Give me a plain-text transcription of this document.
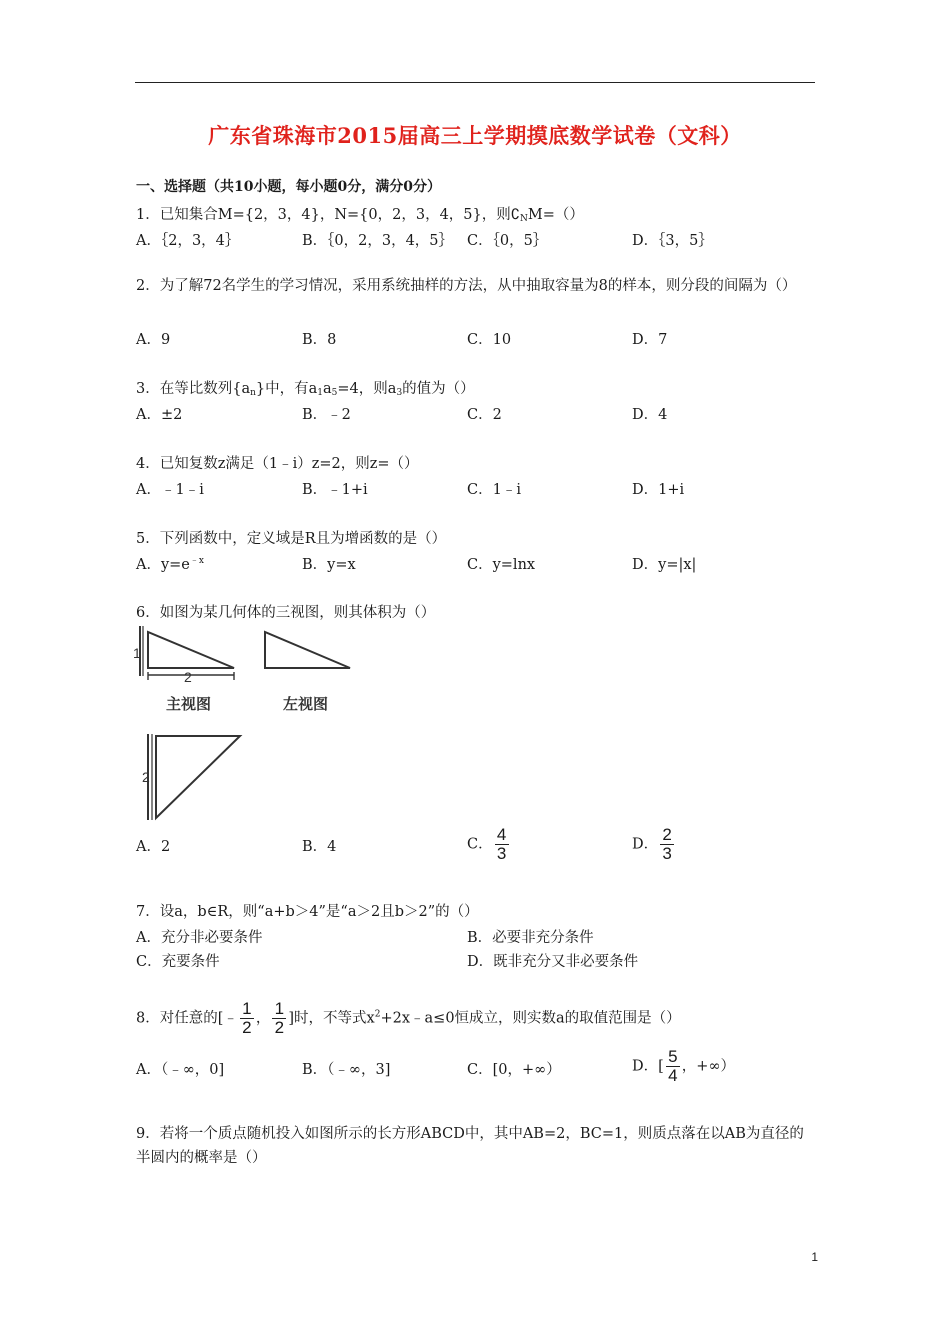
广东省珠海市2015届高三上学期摸底数学试卷（文科）
一、选择题（共10小题，每小题0分，满分0分）
1．已知集合M={2，3，4}，N={0，2，3，4，5}，则$∁_NM=()$
A．｛2，3，4｝	B．｛0，2，3，4，5｝ C．｛0，5｝	D．｛3，5｝
2．为了解72名学生的学习情况，采用系统抽样的方法，从中抽取容量为8的样本，则分段的间隔为（）
A．9	B．8	C．10	D．7
3．在等比数列$\{a_n\}$中，有$a_1a_5=4$，则$a_3$的值为（）
A．±2	B．﹣2	C．2	D．4
4．已知复数z满足（1﹣i）z=2，则z=（）
A．﹣1﹣i	B．﹣1+i	C．1﹣i	D．1+i
5．下列函数中，定义域是R且为增函数的是（）
A．$y=e^{﹣x}$	B．y=x	C．y=lnx	D．y=|x|
6．如图为某几何体的三视图，则其体积为（）
1
2
主视图	左视图
2
A．2	B．4	C． $\frac{4}{3}$	D． $\frac{2}{3}$
7．设a，b∈R，则“a+b＞4”是“a＞2且b＞2”的（）
A．充分非必要条件	B．必要非充分条件
C．充要条件	D．既非充分又非必要条件
8．对任意的[﹣ $\frac{1}{2}$ ， $\frac{1}{2}$ ]时，不等式$x^2+2x﹣a\le 0$恒成立，则实数a的取值范围是（）
A．（﹣∞，0]	B．（﹣∞，3]	C．[0，+∞）	D．[ $\frac{5}{4}$ ，+∞）
9．若将一个质点随机投入如图所示的长方形ABCD中，其中AB=2，BC=1，则质点落在以AB为直径的半圆内的概率是（）
1
